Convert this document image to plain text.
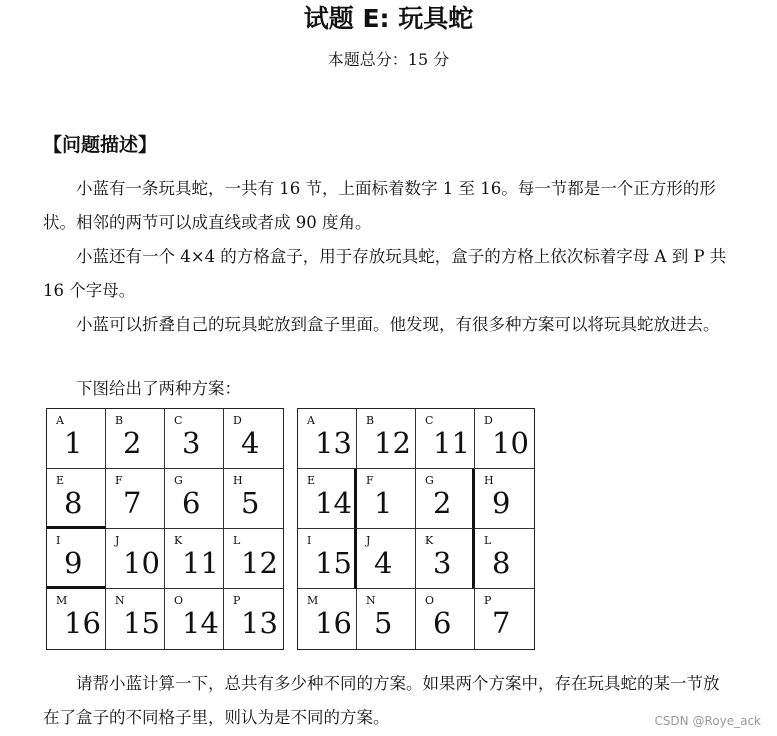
试题 E: 玩具蛇
本题总分：15 分
【问题描述】

小蓝有一条玩具蛇，一共有 16 节，上面标着数字 1 至 16。每一节都是一个正方形的形状。相邻的两节可以成直线或者成 90 度角。

小蓝还有一个 4×4 的方格盒子，用于存放玩具蛇，盒子的方格上依次标着字母 A 到 P 共 16 个字母。

小蓝可以折叠自己的玩具蛇放到盒子里面。他发现，有很多种方案可以将玩具蛇放进去。

下图给出了两种方案：

A
1
B
2
C
3
D
4
E
8
F
7
G
6
H
5
I
9
J
10
K
11
L
12
M
16
N
15
O
14
P
13
A
13
B
12
C
11
D
10
E
14
F
1
G
2
H
9
I
15
J
4
K
3
L
8
M
16
N
5
O
6
P
7

请帮小蓝计算一下，总共有多少种不同的方案。如果两个方案中，存在玩具蛇的某一节放在了盒子的不同格子里，则认为是不同的方案。	CSDN @Roye_ack
